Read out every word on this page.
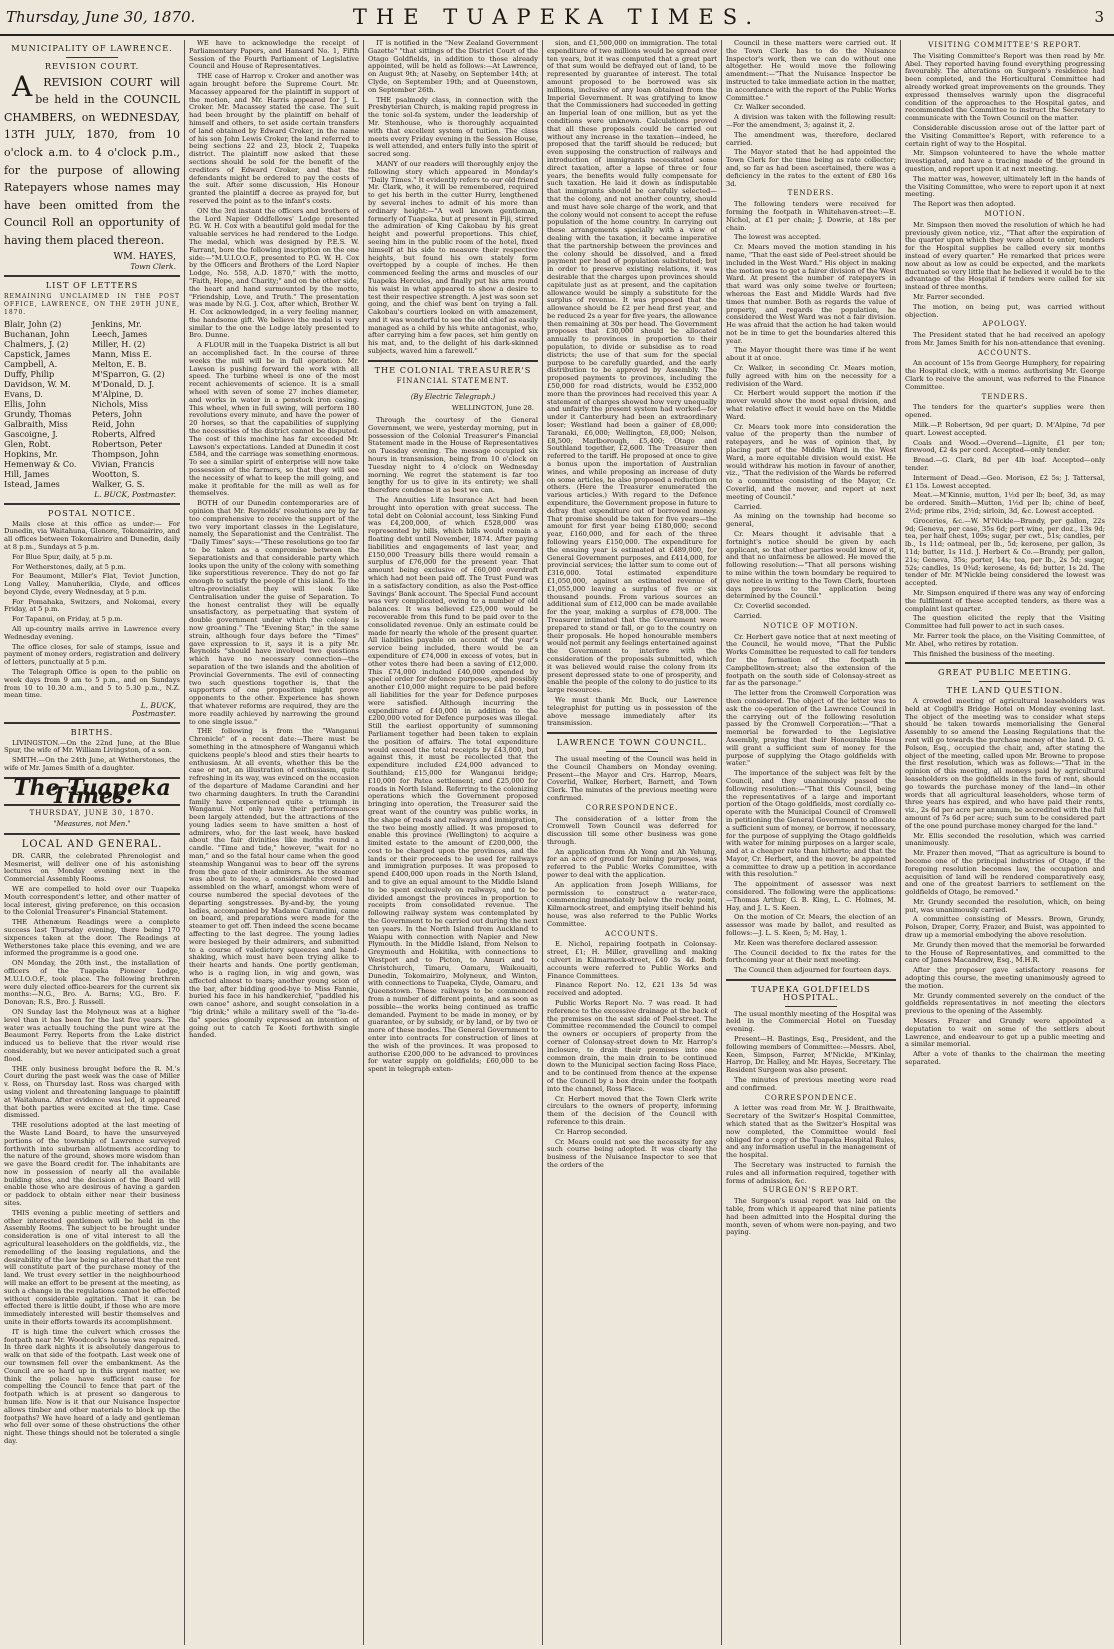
Thursday, June 30, 1870.	THE TUAPEKA TIMES.	3
MUNICIPALITY OF LAWRENCE.
REVISION COURT.

A REVISION COURT will be held in the COUNCIL CHAMBERS, on WEDNESDAY, 13TH JULY, 1870, from 10 o'clock a.m. to 4 o'clock p.m., for the purpose of allowing Ratepayers whose names may have been omitted from the Council Roll an opportunity of having them placed thereon.

WM. HAYES,
Town Clerk.
LIST OF LETTERS
REMAINING UNCLAIMED IN THE POST OFFICE, LAWRENCE, ON THE 29TH JUNE, 1870.
Blair, John (2)	Jenkins, Mr.
Buchanan, John	Leech, James
Chalmers, J. (2)	Miller, H. (2)
Capstick, James	Mann, Miss E.
Campbell, A.	Melton, E. B.
Duffy, Philip	M'Sparron, G. (2)
Davidson, W. M.	M'Donald, D. J.
Evans, D.	M'Alpine, D.
Ellis, John	Nichols, Miss
Grundy, Thomas	Peters, John
Galbraith, Miss	Reid, John
Gascoigne, J.	Roberts, Alfred
Glen, Robt.	Robertson, Peter
Hopkins, Mr.	Thompson, John
Hemenway & Co.	Vivian, Francis
Hill, James	Wootton, S.
Istead, James	Walker, G. S.
L. BUCK, Postmaster.
POSTAL NOTICE.

Mails close at this office as under:— For Dunedin, via Waitahuna, Glenore, Tokomairiro, and all offices between Tokomairiro and Dunedin, daily at 8 p.m., Sundays at 5 p.m.

For Blue Spur, daily, at 5 p.m.

For Wetherstones, daily, at 5 p.m.

For Beaumont, Miller's Flat, Teviot Junction, Long Valley, Manuherikia, Clyde, and offices beyond Clyde, every Wednesday, at 5 p.m.

For Pomahaka, Switzers, and Nokomai, every Friday, at 5 p.m.

For Tapanui, on Friday, at 5 p.m.

All up-country mails arrive in Lawrence every Wednesday evening.

The office closes, for sale of stamps, issue and payment of money orders, registration and delivery of letters, punctually at 5 p.m.

The Telegraph Office is open to the public on week days from 9 am to 5 p.m., and on Sundays from 10 to 10.30 a.m., and 5 to 5.30 p.m., N.Z. mean time.

L. BUCK,
Postmaster.
BIRTHS.

LIVINGSTON.—On the 22nd June, at the Blue Spur, the wife of Mr. William Livingston, of a son.

SMITH.—On the 24th June, at Wetherstones, the wife of Mr. James Smith of a daughter.

The Tuapeka Times.
THURSDAY, JUNE 30, 1870.
"Measures, not Men."
LOCAL AND GENERAL.

DR. CARR, the celebrated Phrenologist and Mesmerist, will deliver one of his astonishing lectures on Monday evening next in the Commercial Assembly Rooms.

WE are compelled to hold over our Tuapeka Mouth correspondent's letter, and other matter of local interest, giving preference, on this occasion to the Colonial Treasurer's Financial Statement.

THE Athenæum Readings were a complete success last Thursday evening, there being 170 sixpences taken at the door. The Readings at Wetherstones take place this evening, and we are informed the programme is a good one.

ON Monday, the 20th inst., the installation of officers of the Tuapeka Pioneer Lodge, M.U.I.O.O.F., took place. The following brethren were duly elected office-bearers for the current six months:—N.G., Bro. A. Barns; V.G., Bro. F. Donovan; R.S., Bro. J. Russell.

ON Sunday last the Molyneux was at a higher level than it has been for the last five years. The water was actually touching the punt wire at the Beaumont Ferry. Reports from the Lake district induced us to believe that the river would rise considerably, but we never anticipated such a great flood.

THE only business brought before the R. M.'s Court during the past week was the case of Miller v. Ross, on Thursday last. Ross was charged with using violent and threatening language to plaintiff at Waitahuna. After evidence was led, it appeared that both parties were excited at the time. Case dismissed.

THE resolutions adopted at the last meeting of the Waste Land Board, to have the unsurveyed portions of the township of Lawrence surveyed forthwith into suburban allotments according to the nature of the ground, shows more wisdom than we gave the Board credit for. The inhabitants are now in possession of nearly all the available building sites, and the decision of the Board will enable those who are desirous of having a garden or paddock to obtain either near their business sites.

THIS evening a public meeting of settlers and other interested gentlemen will be held in the Assembly Rooms. The subject to be brought under consideration is one of vital interest to all the agricultural leaseholders on the goldfields, viz., the remodelling of the leasing regulations, and the desirability of the law being so altered that the rent will constitute part of the purchase money of the land. We trust every settler in the neighbourhood will make an effort to be present at the meeting, as such a change in the regulations cannot be effected without considerable agitation. That it can be effected there is little doubt, if those who are more immediately interested will bestir themselves and unite in their efforts towards its accomplishment.

IT is high time the culvert which crosses the footpath near Mr. Woodcock's house was repaired. In three dark nights it is absolutely dangerous to walk on that side of the footpath. Last week one of our townsmen fell over the embankment. As the Council are so hard up in this urgent matter, we think the police have sufficient cause for compelling the Council to fence that part of the footpath which is at present so dangerous to human life. Now is it that our Nuisance Inspector allows timber and other materials to block up the footpaths? We have heard of a lady and gentleman who fell over some of these obstructions the other night. These things should not be tolerated a single day.

WE have to acknowledge the receipt of Parliamentary Papers, and Hansard No. 1, Fifth Session of the Fourth Parliament of Legislative Council and House of Representatives.

THE case of Harrop v. Croker and another was again brought before the Supreme Court. Mr. Macassey appeared for the plaintiff in support of the motion, and Mr. Harris appeared for J. L. Croker. Mr. Macassey stated the case. The suit had been brought by the plaintiff on behalf of himself and others, to set aside certain transfers of land obtained by Edward Croker, in the name of his son John Lewis Croker, the land referred to being sections 22 and 23, block 2, Tuapeka district. The plaintiff now asked that these sections should be sold for the benefit of the creditors of Edward Croker, and that the defendants might be ordered to pay the costs of the suit. After some discussion, His Honour granted the plaintiff a decree as prayed for, but reserved the point as to the infant's costs.

ON the 3rd instant the officers and brothers of the Lord Napier Oddfellows' Lodge presented P.G. W. H. Cox with a beautiful gold medal for the valuable services he had rendered to the Lodge. The medal, which was designed by P.E.S. W. Farrant, bore the following inscription on the one side:—"M.U.I.O.O.F., presented to P.G. W. H. Cox by the Officers and Brothers of the Lord Napier Lodge, No. 558, A.D. 1870," with the motto, "Faith, Hope, and Charity;" and on the other side, the heart and hand surmounted by the motto, "Friendship, Love, and Truth." The presentation was made by N.G. J. Cox, after which, Brother W. H. Cox acknowledged, in a very feeling manner, the handsome gift. We believe the medal is very similar to the one the Lodge lately presented to Bro. Dunne.

A FLOUR mill in the Tuapeka District is all but an accomplished fact. In the course of three weeks the mill will be in full operation. Mr. Lawson is pushing forward the work with all speed. The turbine wheel is one of the most recent achievements of science. It is a small wheel with seven of some 27 inches diameter, and works in water in a penstock iron casing. This wheel, when in full swing, will perform 180 revolutions every minute, and have the power of 20 horses, so that the capabilities of supplying the necessities of the district cannot be disputed. The cost of this machine has far exceeded Mr. Lawson's expectations. Landed at Dunedin it cost £584, and the carriage was something enormous. To see a similar spirit of enterprise will now take possession of the farmers, so that they will see the necessity of what to keep the mill going, and make it profitable for the mill as well as for themselves.

BOTH of our Dunedin contemporaries are of opinion that Mr. Reynolds' resolutions are by far too comprehensive to receive the support of the two very important classes in the Legislature, namely, the Separationist and the Centralist. The "Daily Times" says:—"These resolutions go too far to be taken as a compromise between the Separationists and that considerable party which looks upon the unity of the colony with something like superstitious reverence. They do not go far enough to satisfy the people of this island. To the ultra-provincialist they will look like Centralisation under the guise of Separation. To the honest centralist they will be equally unsatisfactory, as perpetuating that system of double government under which the colony is now groaning." The "Evening Star," in the same strain, although four days before the "Times" gave expression to it, says it is a pity Mr. Reynolds "should have involved two questions which have no necessary connection—the separation of the two islands and the abolition of Provincial Governments. The evil of connecting two such questions together is, that the supporters of one proposition might prove opponents to the other. Experience has shown that whatever reforms are required, they are the more readily achieved by narrowing the ground to one single issue."

THE following is from the "Wanganui Chronicle" of a recent date:—There must be something in the atmosphere of Wanganui which quickens people's blood and stirs their hearts to enthusiasm. At all events, whether this be the case or not, an illustration of enthusiasm, quite refreshing in its way, was evinced on the occasion of the departure of Madame Carandini and her two charming daughters. In truth the Carandini family have experienced quite a triumph in Wanganui. Not only have their performances been largely attended, but the attractions of the young ladies seem to have smitten a host of admirers, who, for the last week, have basked about the fair divinities like moths round a candle. "Time and tide," however, "wait for no man," and so the fatal hour came when the good steamship Wanganui was to bear off the syrens from the gaze of their admirers. As the steamer was about to leave, a considerable crowd had assembled on the wharf, amongst whom were of course numbered the special devotees of the departing songstresses. By-and-by, the young ladies, accompanied by Madame Carandini, came on board, and preparations were made for the steamer to get off. Then indeed the scene became affecting to the last degree. The young ladies were besieged by their admirers, and submitted to a course of valedictory squeezes and hand-shaking, which must have been trying alike to their hearts and hands. One portly gentleman, who is a raging lion, in wig and gown, was affected almost to tears; another young scion of the bar, after bidding good-bye to Miss Fannie, buried his face in his handkerchief, "paddled his own canoe" ashore, and sought consolation in a "big drink;" while a military swell of the "la-de-da" species gloomily expressed an intention of going out to catch Te Kooti forthwith single handed.

IT is notified in the "New Zealand Government Gazette" "that sittings of the District Court of the Otago Goldfields, in addition to those already appointed, will be held as follows:—At Lawrence, on August 9th; at Naseby, on September 14th; at Clyde, on September 19th; and at Queenstown, on September 26th.

THE psalmody class, in connection with the Presbyterian Church, is making rapid progress in the tonic sol-fa system, under the leadership of Mr. Stenhouse, who is thoroughly acquainted with that excellent system of tuition. The class meets every Friday evening in the Session House, is well attended, and enters fully into the spirit of sacred song.

MANY of our readers will thoroughly enjoy the following story which appeared in Monday's "Daily Times." It evidently refers to our old friend Mr. Clark, who, it will be remembered, required to get his berth in the cutter Hurry, lengthened by several inches to admit of his more than ordinary height:—"A well known gentleman, formerly of Tuapeka, but at present in Fiji, stirred the admiration of King Cakobau by his great height and powerful proportions. This chief, seeing him in the public room of the hotel, fixed himself at his side to measure their respective heights, but found his own stately form overtopped by a couple of inches. He then commenced feeling the arms and muscles of our Tuapeka Hercules, and finally put his arm round his waist in what appeared to show a desire to test their respective strength. A jest was soon set going, and the chief was bent on trying a fall. Cakobau's courtiers looked on with amazement, and it was wonderful to see the old chief as easily managed as a child by his white antagonist, who, after carrying him a few paces, set him gently on his mat, and, to the delight of his dark-skinned subjects, waved him a farewell."

THE COLONIAL TREASURER'S
FINANCIAL STATEMENT.
(By Electric Telegraph.)
WELLINGTON, June 28.

Through the courtesy of the General Government, we were, yesterday morning, put in possession of the Colonial Treasurer's Financial Statement made in the House of Representatives on Tuesday evening. The message occupied six hours in transmission, being from 10 o'clock on Tuesday night to 4 o'clock on Wednesday morning. We regret the statement is far too lengthy for us to give in its entirety; we shall therefore condense it as best we can.

The Annuities Life Insurance Act had been brought into operation with great success. The total debt on Colonial account, less Sinking Fund was £4,200,000, of which £528,000 was represented by bills, which bills would remain a floating debt until November, 1874. After paying liabilities and engagements of last year, and £150,000 Treasury bills there would remain a surplus of £76,000 for the present year. That amount being exclusive of £60,000 overdraft which had not been paid off. The Trust Fund was in a satisfactory condition, as also the Post-office Savings' Bank account. The Special Fund account was very complicated, owing to a number of old balances. It was believed £25,000 would be recoverable from this fund to be paid over to the consolidated revenue. Only an estimate could be made for nearly the whole of the present quarter. All liabilities payable on account of the year's service being included, there would be an expenditure of £74,000 in excess of votes, but in other votes there had been a saving of £12,000. This £74,000 included £40,000 expended by special order for defence purposes, and possibly another £10,000 might require to be paid before all liabilities for the year for Defence purposes were satisfied. Although incurring the expenditure of £40,000 in addition to the £200,000 voted for Defence purposes was illegal. Still the earliest opportunity of summoning Parliament together had been taken to explain the position of affairs. The total expenditure would exceed the total receipts by £43,000, but against this, it must be recollected that the expenditure included £24,000 advanced to Southland; £15,000 for Wanganui bridge; £10,000 for Patea settlement; and £25,000 for roads in North Island. Referring to the colonizing operations which the Government proposed bringing into operation, the Treasurer said the great want of the country was public works, in the shape of roads and railways and immigration, the two being mostly allied. It was proposed to enable this province (Wellington) to acquire a limited estate to the amount of £200,000, the cost to be charged upon the provinces, and the lands or their proceeds to be used for railways and immigration purposes. It was proposed to spend £400,000 upon roads in the North Island, and to give an equal amount to the Middle Island to be spent exclusively on railways, and to be divided amongst the provinces in proportion to receipts from consolidated revenue. The following railway system was contemplated by the Government to be carried out during the next ten years. In the North Island from Auckland to Waiapu with connection with Napier and New Plymouth. In the Middle Island, from Nelson to Greymouth and Hokitika, with connections to Westport and to Picton, to Amuri and to Christchurch, Timaru, Oamaru, Waikouaiti, Dunedin, Tokomairiro, Molyneux, and Winton, with connections to Tuapeka, Clyde, Oamaru, and Queenstown. These railways to be commenced from a number of different points, and as soon as possible—the works being continued as traffic demanded. Payment to be made in money, or by guarantee, or by subsidy, or by land, or by two or more of these modes. The General Government to enter into contracts for construction of lines at the wish of the provinces. It was proposed to authorise £200,000 to be advanced to provinces for water supply on goldfields; £60,000 to be spent in telegraph exten-

sion, and £1,500,000 on immigration. The total expenditure of two millions would be spread over ten years, but it was computed that a great part of that sum would be defrayed out of land, to be represented by guarantee of interest. The total amount proposed to be borrowed was six millions, inclusive of any loan obtained from the Imperial Government. It was gratifying to know that the Commissioners had succeeded in getting an Imperial loan of one million, but as yet the conditions were unknown. Calculations proved that all these proposals could be carried out without any increase in the taxation—indeed, he proposed that the tariff should be reduced; but even supposing the construction of railways and introduction of immigrants necessitated some direct taxation, after a lapse of three or four years, the benefits would fully compensate for such taxation. He laid it down as indisputable that immigrants should be carefully selected—that the colony, and not another country, should and must have sole charge of the work, and that the colony would not consent to accept the refuse population of the home country. In carrying out these arrangements specially with a view of dealing with the taxation, it became imperative that the partnership between the provinces and the colony should be dissolved, and a fixed payment per head of population substituted; but in order to preserve existing relations, it was desirable that the charges upon provinces should capitulate just as at present, and the capitation allowance would be simply a substitute for the surplus of revenue. It was proposed that the allowance should be £2 per head first year, and be reduced 2s a year for five years, the allowance then remaining at 30s per head. The Government proposes that £30,000 should be allocated annually to provinces in proportion to their population, to divide or subsidise as to road districts; the use of that sum for the special purpose to be carefully guarded, and the early distribution to be approved by Assembly. The proposed payments to provinces, including the £50,000 for road districts, would be £352,000 more than the provinces had received this year. A statement of charges showed how very unequally and unfairly the present system had worked—for under it Canterbury had been an extraordinary loser; Westland had been a gainer of £8,000; Taranaki, £6,000; Wellington, £8,000; Nelson, £8,500; Marlborough, £5,400; Otago and Southland together, £2,600. The Treasurer then referred to the tariff. He proposed at once to give a bonus upon the importation of Australian wines, and while proposing an increase of duty on some articles, he also proposed a reduction on others. (Here the Treasurer enumerated the various articles.) With regard to the Defence expenditure, the Government propose in future to defray that expenditure out of borrowed money. That promise should be taken for five years—the amount for first year being £180,000; second year, £160,000, and for each of the three following years £150,000. The expenditure for the ensuing year is estimated at £489,000, for General Government purposes, and £414,000, for provincial services; the latter sum to come out of £316,000. Total estimated expenditure £1,050,000, against an estimated revenue of £1,055,000 leaving a surplus of five or six thousand pounds. From various sources an additional sum of £12,000 can be made available for the year, making a surplus of £78,000. The Treasurer intimated that the Government were prepared to stand or fall, or go to the country on their proposals. He hoped honourable members would not permit any feelings entertained against the Government to interfere with the consideration of the proposals submitted, which it was believed would raise the colony from its present depressed state to one of prosperity, and enable the people of the colony to do justice to its large resources.

We must thank Mr. Buck, our Lawrence telegraphist for putting us in possession of the above message immediately after its transmission.

LAWRENCE TOWN COUNCIL.

The usual meeting of the Council was held in the Council Chambers on Monday evening. Present—the Mayor and Crs. Harrop, Mears, Coverlid, Walker, Herbert, Barnett, and Town Clerk. The minutes of the previous meeting were confirmed.

CORRESPONDENCE.

The consideration of a letter from the Cromwell Town Council was deferred for discussion till some other business was gone through.

An application from Ah Yong and Ah Yehung, for an acre of ground for mining purposes, was referred to the Public Works Committee, with power to deal with the application.

An application from Joseph Williams, for permission to construct a water-race, commencing immediately below the rocky point, Kilmarnock-street, and emptying itself behind his house, was also referred to the Public Works Committee.

ACCOUNTS.

E. Nichol, repairing footpath in Colonsay-street, £1; H. Miller, gravelling and making culvert in Kilmarnock-street, £40 3s 4d. Both accounts were referred to Public Works and Finance Committees.

Finance Report No. 12, £21 13s 5d was received and adopted.

Public Works Report No. 7 was read. It had reference to the excessive drainage at the back of the premises on the east side of Peel-street. The Committee recommended the Council to compel the owners or occupiers of property from the corner of Colonsay-street down to Mr. Harrop's inclosure, to drain their premises into one common drain, the main drain to be continued down to the Municipal section facing Ross Place, and to be continued from thence at the expense of the Council by a box drain under the footpath into the channel, Ross Place.

Cr. Herbert moved that the Town Clerk write circulars to the owners of property, informing them of the decision of the Council with reference to this drain.

Cr. Harrop seconded.

Cr. Mears could not see the necessity for any such course being adopted. It was clearly the business of the Nuisance Inspector to see that the orders of the

Council in these matters were carried out. If the Town Clerk has to do the Nuisance Inspector's work, then we can do without one altogether. He would move the following amendment:—"That the Nuisance Inspector be instructed to take immediate action in the matter, in accordance with the report of the Public Works Committee."

Cr. Walker seconded.

A division was taken with the following result:—For the amendment, 3; against it, 2.

The amendment was, therefore, declared carried.

The Mayor stated that he had appointed the Town Clerk for the time being as rate collector; and, so far as had been ascertained, there was a deficiency in the rates to the extent of £80 16s 3d.

TENDERS.

The following tenders were received for forming the footpath in Whitehaven-street:—E. Nichol, at £1 per chain; J. Dowrie, at 18s per chain.

The lowest was accepted.

Cr. Mears moved the motion standing in his name, "That the east side of Peel-street should be included in the West Ward." His object in making the motion was to get a fairer division of the West Ward. At present the number of ratepayers in that ward was only some twelve or fourteen; whereas the East and Middle Wards had five times that number. Both as regards the value of property, and regards the population, he considered the West Ward was not a fair division. He was afraid that the action he had taken would not be in time to get the boundaries altered this year.

The Mayor thought there was time if he went about it at once.

Cr. Walker, in seconding Cr. Mears motion, fully agreed with him on the necessity for a redivision of the Ward.

Cr. Herbert would support the motion if the mover would show the most equal division, and what relative effect it would have on the Middle Ward.

Cr. Mears took more into consideration the value of the property than the number of ratepayers, and he was of opinion that, by placing part of the Middle Ward in the West Ward, a more equitable division would exist. He would withdraw his motion in favour of another, viz., "That the redivision of the Wards be referred to a committee consisting of the Mayor, Cr. Coverlid, and the mover, and report at next meeting of Council."

Carried.

As mining on the township had become so general,

Cr. Mears thought it advisable that a fortnight's notice should be given by each applicant, so that other parties would know of it, and that no unfairness be allowed. He moved the following resolution:—"That all persons wishing to mine within the town boundary be required to give notice in writing to the Town Clerk, fourteen days previous to the application being determined by the Council."

Cr. Coverlid seconded.

Carried.

NOTICE OF MOTION.

Cr. Herbert gave notice that at next meeting of the Council, he would move, "That the Public Works Committee be requested to call for tenders for the formation of the footpath in Campbelltown-street; also the extension of the footpath on the south side of Colonsay-street as far as the parsonage."

The letter from the Cromwell Corporation was then considered. The object of the letter was to ask the co-operation of the Lawrence Council in the carrying out of the following resolution passed by the Cromwell Corporation:—"That a memorial be forwarded to the Legislative Assembly, praying that their Honourable House will grant a sufficient sum of money for the purpose of supplying the Otago goldfields with water."

The importance of the subject was felt by the Council, and they unanimously passed the following resolution:—"That this Council, being the representatives of a large and important portion of the Otago goldfields, most cordially co-operate with the Municipal Council of Cromwell in petitioning the General Government to allocate a sufficient sum of money, or borrow, if necessary, for the purpose of supplying the Otago goldfields with water for mining purposes on a larger scale, and at a cheaper rate than hitherto; and that the Mayor, Cr. Herbert, and the mover, be appointed a committee to draw up a petition in accordance with this resolution."

The appointment of assessor was next considered. The following were the applications:—Thomas Arthur, G. B. King, L. C. Holmes, M. Hay, and J. L. S. Keen.

On the motion of Cr. Mears, the election of an assessor was made by ballot, and resulted as follows:—J. L. S. Keen, 5; M. Hay, 1.

Mr. Keen was therefore declared assessor.

The Council decided to fix the rates for the forthcoming year at their next meeting.

The Council then adjourned for fourteen days.

TUAPEKA GOLDFIELDS HOSPITAL.

The usual monthly meeting of the Hospital was held in the Commercial Hotel on Tuesday evening.

Present—H. Bastings, Esq., President, and the following members of Committee:—Messrs. Abel, Keen, Simpson, Farrer, M'Nickle, M'Kinlay, Harrop, Dr. Halley, and Mr. Hayes, Secretary. The Resident Surgeon was also present.

The minutes of previous meeting were read and confirmed.

CORRESPONDENCE.

A letter was read from Mr. W. J. Braithwaite, Secretary of the Switzer's Hospital Committee, which stated that as the Switzer's Hospital was now completed, the Committee would feel obliged for a copy of the Tuapeka Hospital Rules, and any information useful in the management of the hospital.

The Secretary was instructed to furnish the rules and all information required, together with forms of admission, &c.

SURGEON'S REPORT.

The Surgeon's usual report was laid on the table, from which it appeared that nine patients had been admitted into the Hospital during the month, seven of whom were non-paying, and two paying.

VISITING COMMITTEE'S REPORT.

The Visiting Committee's Report was then read by Mr. Abel. They reported having found everything progressing favourably. The alterations on Surgeon's residence had been completed, and the Horticultural Committee had already worked great improvements on the grounds. They expressed themselves warmly upon the disgraceful condition of the approaches to the Hospital gates, and recommended the Committee to instruct the Secretary to communicate with the Town Council on the matter.

Considerable discussion arose out of the latter part of the Visiting Committee's Report, with reference to a certain right of way to the Hospital.

Mr. Simpson volunteered to have the whole matter investigated, and have a tracing made of the ground in question, and report upon it at next meeting.

The matter was, however, ultimately left in the hands of the Visiting Committee, who were to report upon it at next meeting.

The Report was then adopted.

MOTION.

Mr. Simpson then moved the resolution of which he had previously given notice, viz., "That after the expiration of the quarter upon which they were about to enter, tenders for the Hospital supplies be called every six months instead of every quarter." He remarked that prices were now about as low as could be expected, and the markets fluctuated so very little that he believed it would be to the advantage of the Hospital if tenders were called for six instead of three months.

Mr. Farrer seconded.

The motion, on being put, was carried without objection.

APOLOGY.

The President stated that he had received an apology from Mr. James Smith for his non-attendance that evening.

ACCOUNTS.

An account of 15s from George Humphery, for repairing the Hospital clock, with a memo. authorising Mr. George Clark to receive the amount, was referred to the Finance Committee.

TENDERS.

The tenders for the quarter's supplies were then opened.

Milk.—P. Robertson, 9d per quart; D. M'Alpine, 7d per quart. Lowest accepted.

Coals and Wood.—Overend—Lignite, £1 per ton; firewood, £2 4s per cord. Accepted—only tender.

Bread.—G. Clark, 8d per 4lb loaf. Accepted—only tender.

Interment of Dead.—Geo. Morison, £2 5s; J. Tattersal, £1 15s. Lowest accepted.

Meat.—M'Kinnie, mutton, 1½d per lb; beef, 3d, as may be ordered. Smith—Mutton, 1½d per lb; chine of beef, 2½d; prime ribs, 2½d; sirloin, 3d, &c. Lowest accepted.

Groceries, &c.—W. M'Nickle—Brandy, per gallon, 22s 9d; Geneva, per case, 35s 6d; port wine, per doz., 13s 9d; tea, per half chest, 109s; sugar, per cwt., 51s; candles, per lb., 1s 11d; oatmeal, per lb., 5d; kerosene, per gallon, 3s 11d; butter, 1s 11d. J. Herbert & Co.—Brandy, per gallon, 21s; Geneva, 35s; porter, 14s; tea, per lb., 2s 5d; sugar, 52s; candles, 1s 0¾d; kerosene, 4s 6d; butter, 1s 2d. The tender of Mr. M'Nickle being considered the lowest was accepted.

Mr. Simpson enquired if there was any way of enforcing the fulfilment of these accepted tenders, as there was a complaint last quarter.

The question elicited the reply that the Visiting Committee had full power to act in such cases.

Mr. Farrer took the place, on the Visiting Committee, of Mr. Abel, who retires by rotation.

This finished the business of the meeting.

GREAT PUBLIC MEETING.
THE LAND QUESTION.

A crowded meeting of agricultural leaseholders was held at Cogbill's Bridge Hotel on Monday evening last. The object of the meeting was to consider what steps should be taken towards memorialising the General Assembly to so amend the Leasing Regulations that the rent will go towards the purchase money of the land. D. G. Polson, Esq., occupied the chair, and, after stating the object of the meeting, called upon Mr. Browne to propose the first resolution, which was as follows:—"That in the opinion of this meeting, all moneys paid by agricultural leaseholders on the goldfields in the form of rent, should go towards the purchase money of the land—in other words that all agricultural leaseholders, whose term of three years has expired, and who have paid their rents, viz., 2s 6d per acre per annum, be accredited with the full amount of 7s 6d per acre; such sum to be considered part of the one pound purchase money charged for the land."

Mr. Ellis seconded the resolution, which was carried unanimously.

Mr. Frazer then moved, "That as agriculture is bound to become one of the principal industries of Otago, if the foregoing resolution becomes law, the occupation and acquisition of land will be rendered comparatively easy, and one of the greatest barriers to settlement on the goldfields of Otago, be removed."

Mr. Grundy seconded the resolution, which, on being put, was unanimously carried.

A committee consisting of Messrs. Brown, Grundy, Polson, Draper, Corry, Frazer, and Buist, was appointed to draw up a memorial embodying the above resolution.

Mr. Grundy then moved that the memorial be forwarded to the House of Representatives, and committed to the care of James Macandrew, Esq., M.H.R.

After the proposer gave satisfactory reasons for adopting this course, the meeting unanimously agreed to the motion.

Mr. Grundy commented severely on the conduct of the goldfields representatives in not meeting the electors previous to the opening of the Assembly.

Messrs. Frazer and Grundy were appointed a deputation to wait on some of the settlers about Lawrence, and endeavour to get up a public meeting and a similar memorial.

After a vote of thanks to the chairman the meeting separated.
